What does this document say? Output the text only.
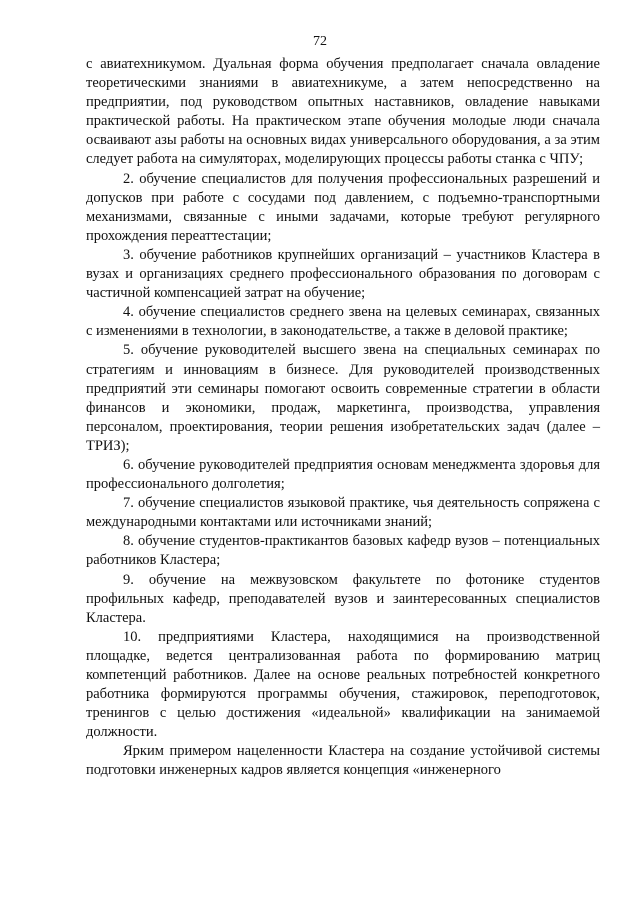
72

с авиатехникумом. Дуальная форма обучения предполагает сначала овладение теоретическими знаниями в авиатехникуме, а затем непосредственно на предприятии, под руководством опытных наставников, овладение навыками практической работы. На практическом этапе обучения молодые люди сначала осваивают азы работы на основных видах универсального оборудования, а за этим следует работа на симуляторах, моделирующих процессы работы станка с ЧПУ;

2. обучение специалистов для получения профессиональных разрешений и допусков при работе с сосудами под давлением, с подъемно-транспортными механизмами, связанные с иными задачами, которые требуют регулярного прохождения переаттестации;

3. обучение работников крупнейших организаций – участников Кластера в вузах и организациях среднего профессионального образования по договорам с частичной компенсацией затрат на обучение;

4. обучение специалистов среднего звена на целевых семинарах, связанных с изменениями в технологии, в законодательстве, а также в деловой практике;

5. обучение руководителей высшего звена на специальных семинарах по стратегиям и инновациям в бизнесе. Для руководителей производственных предприятий эти семинары помогают освоить современные стратегии в области финансов и экономики, продаж, маркетинга, производства, управления персоналом, проектирования, теории решения изобретательских задач (далее – ТРИЗ);

6. обучение руководителей предприятия основам менеджмента здоровья для профессионального долголетия;

7. обучение специалистов языковой практике, чья деятельность сопряжена с международными контактами или источниками знаний;

8. обучение студентов-практикантов базовых кафедр вузов – потенциальных работников Кластера;

9. обучение на межвузовском факультете по фотонике студентов профильных кафедр, преподавателей вузов и заинтересованных специалистов Кластера.

10. предприятиями Кластера, находящимися на производственной площадке, ведется централизованная работа по формированию матриц компетенций работников. Далее на основе реальных потребностей конкретного работника формируются программы обучения, стажировок, переподготовок, тренингов с целью достижения «идеальной» квалификации на занимаемой должности.

Ярким примером нацеленности Кластера на создание устойчивой системы подготовки инженерных кадров является концепция «инженерного
